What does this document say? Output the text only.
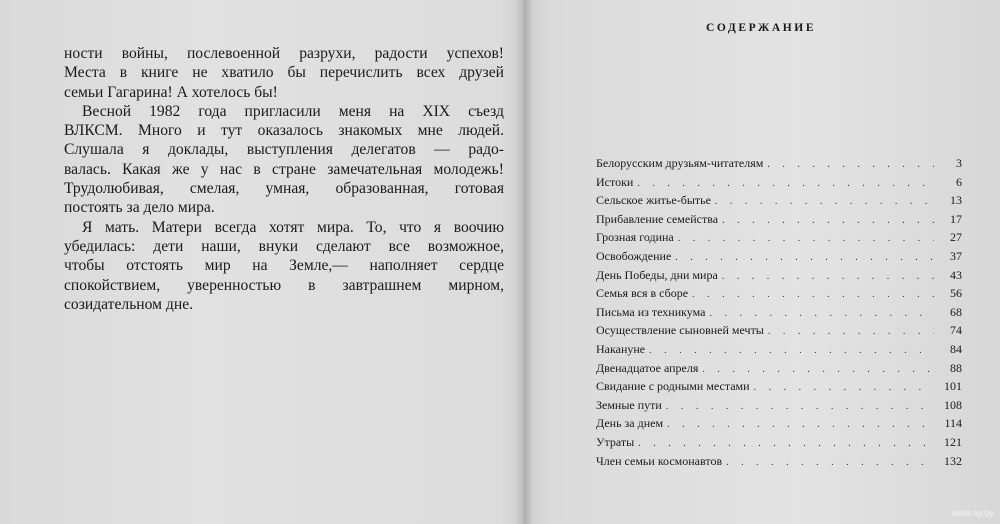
ности войны, послевоенной разрухи, радости успехов!

Места в книге не хватило бы перечислить всех друзей

семьи Гагарина! А хотелось бы!

Весной 1982 года пригласили меня на XIX съезд

ВЛКСМ. Много и тут оказалось знакомых мне людей.

Слушала я доклады, выступления делегатов — радо-

валась. Какая же у нас в стране замечательная молодежь!

Трудолюбивая, смелая, умная, образованная, готовая

постоять за дело мира.

Я мать. Матери всегда хотят мира. То, что я воочию

убедилась: дети наши, внуки сделают все возможное,

чтобы отстоять мир на Земле,— наполняет сердце

спокойствием, уверенностью в завтрашнем мирном,

созидательном дне.

СОДЕРЖАНИЕ
Белорусским друзьям-читателям . . .	3
Истоки . . .	6
Сельское житье-бытье . . .	13
Прибавление семейства . . .	17
Грозная година . . .	27
Освобождение . . .	37
День Победы, дни мира . . .	43
Семья вся в сборе . . .	56
Письма из техникума . . .	68
Осуществление сыновней мечты . . .	74
Накануне . . .	84
Двенадцатое апреля . . .	88
Свидание с родными местами . . .	101
Земные пути . . .	108
День за днем . . .	114
Утраты . . .	121
Член семьи космонавтов . . .	132
www.ay.by
